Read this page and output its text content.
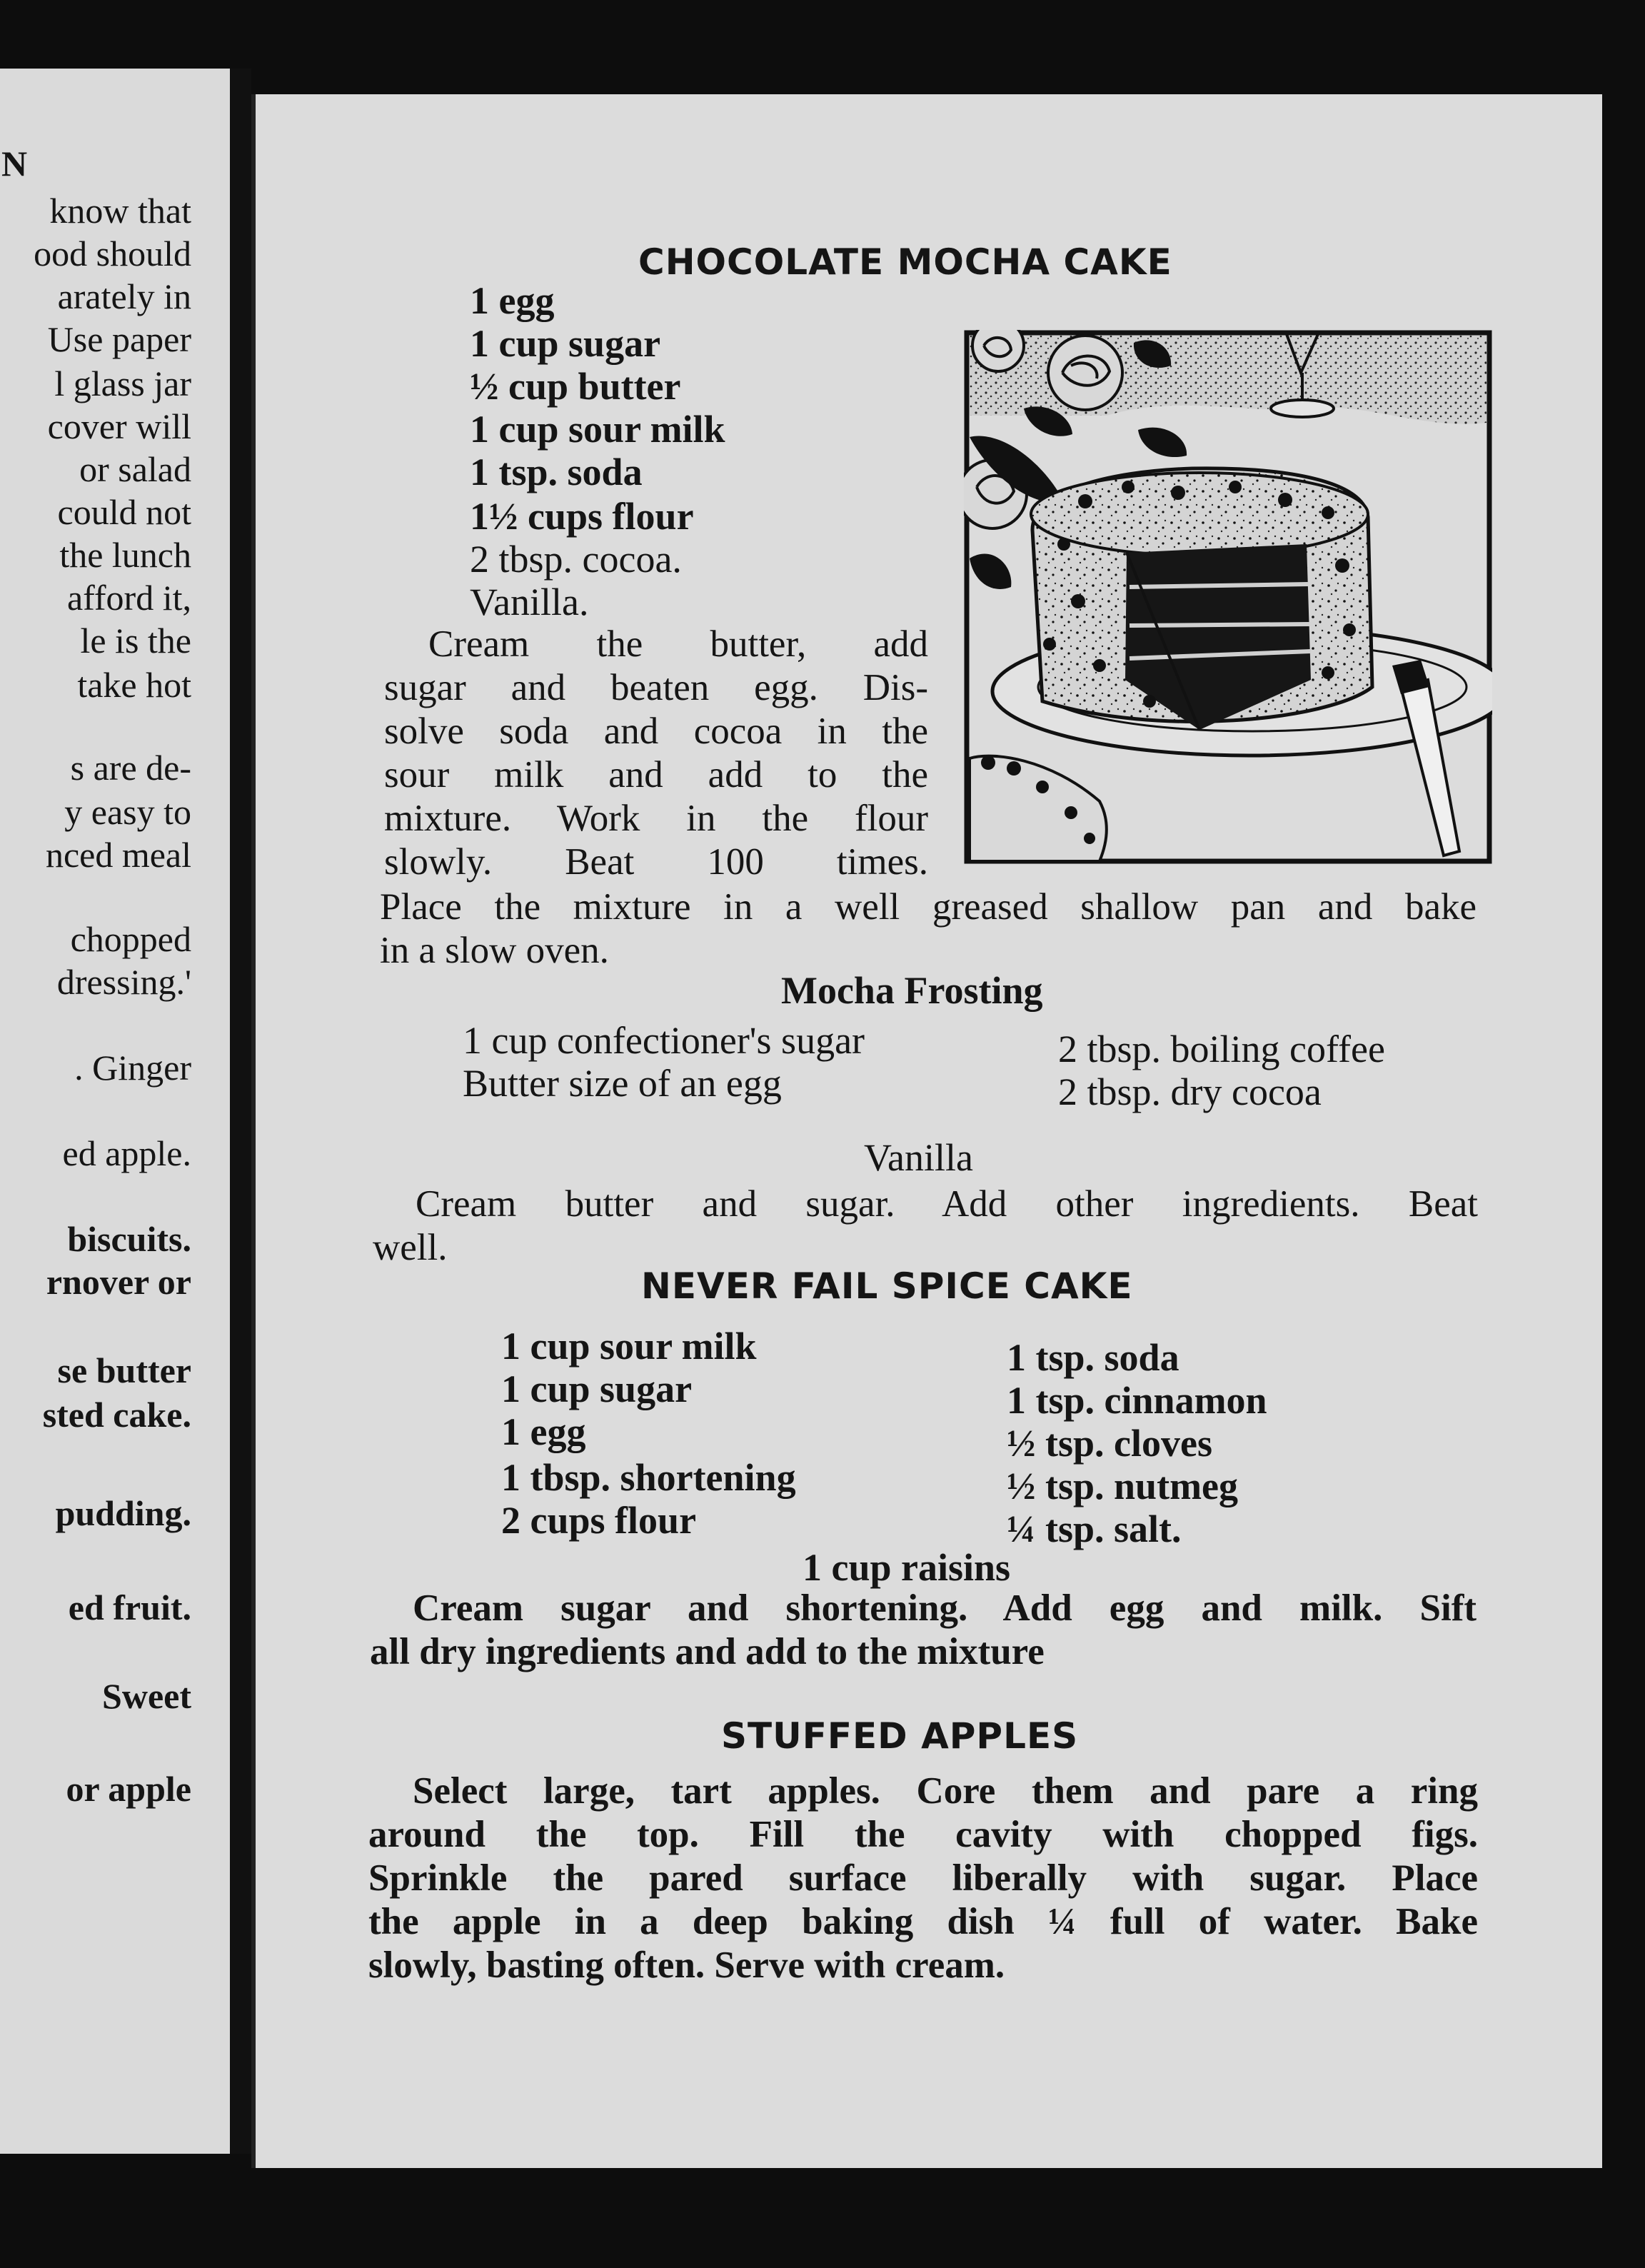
N
know that
ood should
arately in
Use paper
l glass jar
cover will
or salad
could not
the lunch
afford it,
le is the
take hot
s are de-
y easy to
nced meal
chopped
dressing.'
. Ginger
ed apple.
biscuits.
rnover or
se butter
sted cake.
pudding.
ed fruit.
Sweet
or apple
CHOCOLATE MOCHA CAKE
1 egg
1 cup sugar
½ cup butter
1 cup sour milk
1 tsp. soda
1½ cups flour
2 tbsp. cocoa.
Vanilla.
Cream the butter, add
sugar and beaten egg. Dis-
solve soda and cocoa in the
sour milk and add to the
mixture. Work in the flour
slowly. Beat 100 times.
Place the mixture in a well greased shallow pan and bake
in a slow oven.
Mocha Frosting
1 cup confectioner's sugar
Butter size of an egg
2 tbsp. boiling coffee
2 tbsp. dry cocoa
Vanilla
Cream butter and sugar. Add other ingredients. Beat
well.
NEVER FAIL SPICE CAKE
1 cup sour milk
1 cup sugar
1 egg
1 tbsp. shortening
2 cups flour
1 tsp. soda
1 tsp. cinnamon
½ tsp. cloves
½ tsp. nutmeg
¼ tsp. salt.
1 cup raisins
Cream sugar and shortening. Add egg and milk. Sift
all dry ingredients and add to the mixture
STUFFED APPLES
Select large, tart apples. Core them and pare a ring
around the top. Fill the cavity with chopped figs.
Sprinkle the pared surface liberally with sugar. Place
the apple in a deep baking dish ¼ full of water. Bake
slowly, basting often. Serve with cream.
